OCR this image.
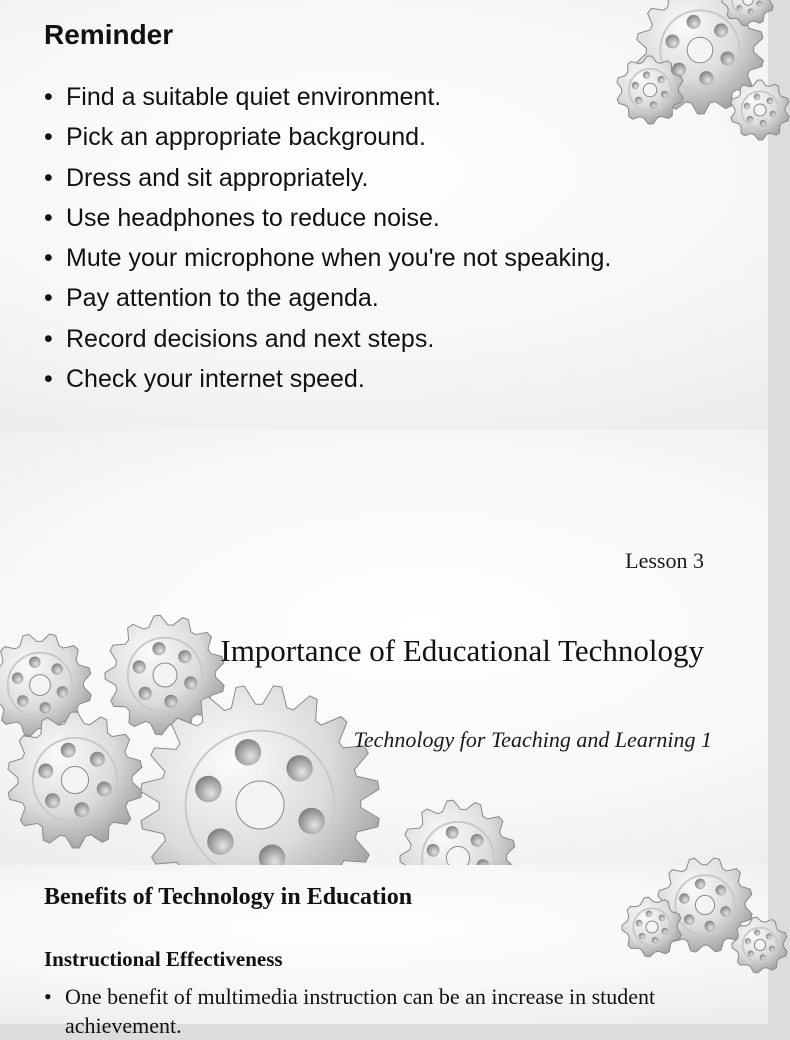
Reminder
• Find a suitable quiet environment.
• Pick an appropriate background.
• Dress and sit appropriately.
• Use headphones to reduce noise.
• Mute your microphone when you're not speaking.
• Pay attention to the agenda.
• Record decisions and next steps.
• Check your internet speed.
Lesson 3
Importance of Educational Technology
Technology for Teaching and Learning 1
Benefits of Technology in Education
Instructional Effectiveness
• One benefit of multimedia instruction can be an increase in student achievement.
